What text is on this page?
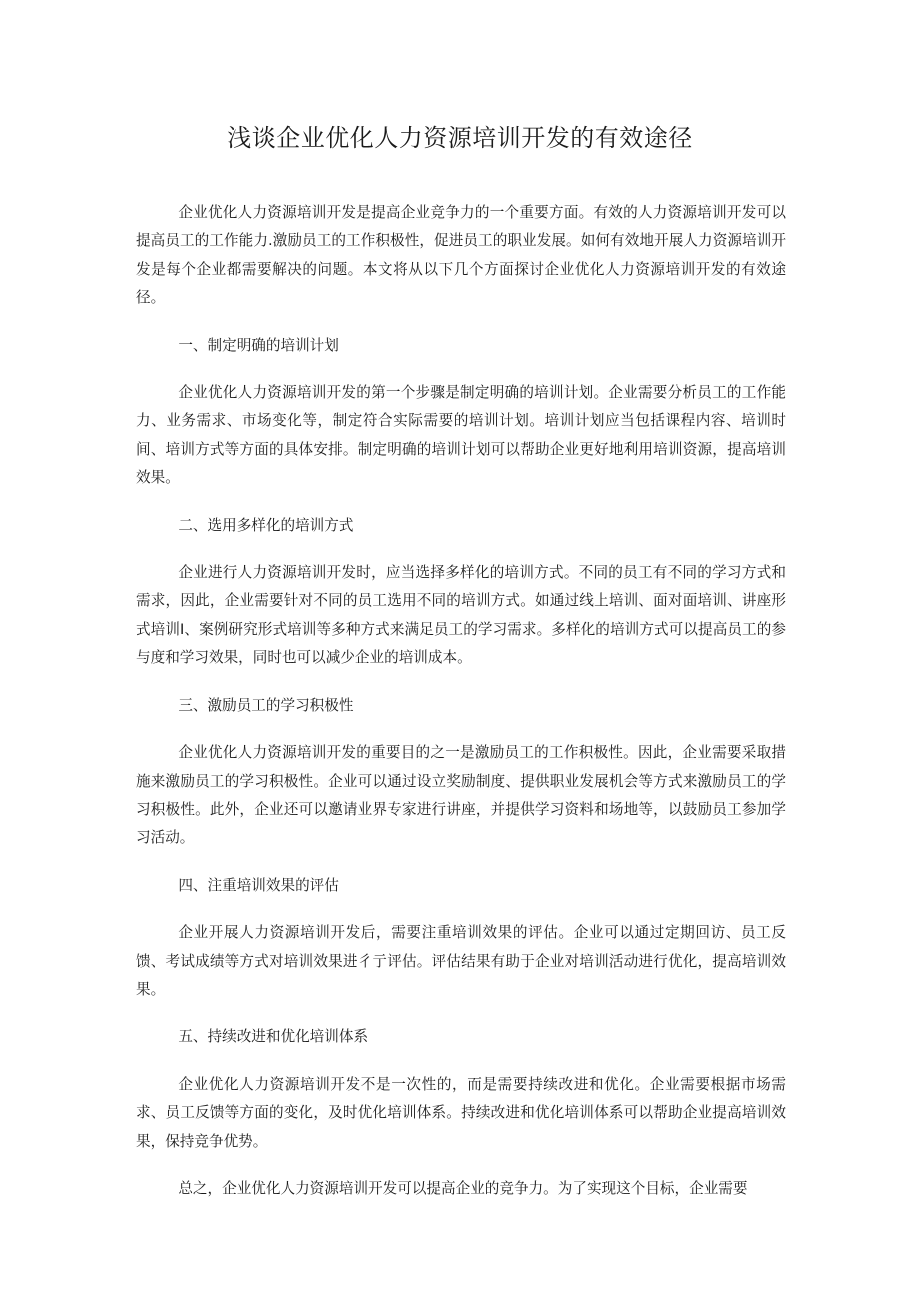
浅谈企业优化人力资源培训开发的有效途径

企业优化人力资源培训开发是提高企业竞争力的一个重要方面。有效的人力资源培训开发可以提高员工的工作能力.激励员工的工作积极性，促进员工的职业发展。如何有效地开展人力资源培训开发是每个企业都需要解决的问题。本文将从以下几个方面探讨企业优化人力资源培训开发的有效途径。

一、制定明确的培训计划

企业优化人力资源培训开发的第一个步骤是制定明确的培训计划。企业需要分析员工的工作能力、业务需求、市场变化等，制定符合实际需要的培训计划。培训计划应当包括课程内容、培训时间、培训方式等方面的具体安排。制定明确的培训计划可以帮助企业更好地利用培训资源，提高培训效果。

二、选用多样化的培训方式

企业进行人力资源培训开发时，应当选择多样化的培训方式。不同的员工有不同的学习方式和需求，因此，企业需要针对不同的员工选用不同的培训方式。如通过线上培训、面对面培训、讲座形式培训I、案例研究形式培训等多种方式来满足员工的学习需求。多样化的培训方式可以提高员工的参与度和学习效果，同时也可以减少企业的培训成本。

三、激励员工的学习积极性

企业优化人力资源培训开发的重要目的之一是激励员工的工作积极性。因此，企业需要采取措施来激励员工的学习积极性。企业可以通过设立奖励制度、提供职业发展机会等方式来激励员工的学习积极性。此外，企业还可以邀请业界专家进行讲座，并提供学习资料和场地等，以鼓励员工参加学习活动。

四、注重培训效果的评估

企业开展人力资源培训开发后，需要注重培训效果的评估。企业可以通过定期回访、员工反馈、考试成绩等方式对培训效果进彳亍评估。评估结果有助于企业对培训活动进行优化，提高培训效果。

五、持续改进和优化培训体系

企业优化人力资源培训开发不是一次性的，而是需要持续改进和优化。企业需要根据市场需求、员工反馈等方面的变化，及时优化培训体系。持续改进和优化培训体系可以帮助企业提高培训效果，保持竞争优势。

总之，企业优化人力资源培训开发可以提高企业的竞争力。为了实现这个目标，企业需要
